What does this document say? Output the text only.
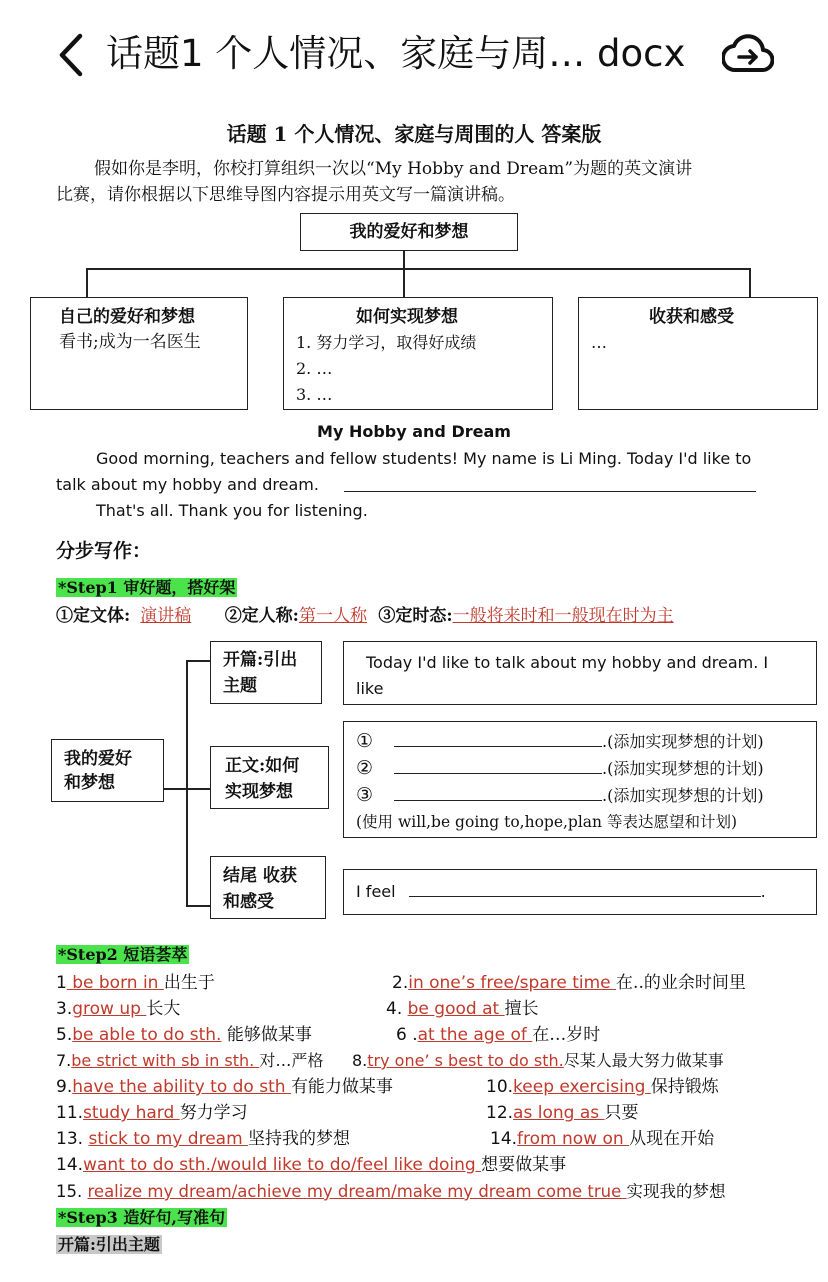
话题1 个人情况、家庭与周… docx
话题 1 个人情况、家庭与周围的人 答案版
假如你是李明，你校打算组织一次以“My Hobby and Dream”为题的英文演讲
比赛，请你根据以下思维导图内容提示用英文写一篇演讲稿。
我的爱好和梦想
自己的爱好和梦想
看书;成为一名医生
如何实现梦想
1. 努力学习，取得好成绩
2. …
3. …
收获和感受
…
My Hobby and Dream
Good morning, teachers and fellow students! My name is Li Ming. Today I'd like to
talk about my hobby and dream.
That's all. Thank you for listening.
分步写作：
*Step1 审好题，搭好架
①定文体: 演讲稿 ②定人称:第一人称 ③定时态:一般将来时和一般现在时为主
我的爱好
和梦想
开篇:引出
主题
正文:如何
实现梦想
结尾 收获
和感受
Today I'd like to talk about my hobby and dream. I
like
①	.(添加实现梦想的计划)
②	.(添加实现梦想的计划)
③	.(添加实现梦想的计划)
(使用 will,be going to,hope,plan 等表达愿望和计划)
I feel	.
*Step2 短语荟萃
1 be born in 出生于	2.in one’s free/spare time 在..的业余时间里
3.grow up 长大	4. be good at 擅长
5.be able to do sth. 能够做某事	6 .at the age of 在…岁时
7.be strict with sb in sth. 对…严格 8.try one’ s best to do sth.尽某人最大努力做某事
9.have the ability to do sth 有能力做某事	10.keep exercising 保持锻炼
11.study hard 努力学习	12.as long as 只要
13. stick to my dream 坚持我的梦想	14.from now on 从现在开始
14.want to do sth./would like to do/feel like doing 想要做某事
15. realize my dream/achieve my dream/make my dream come true 实现我的梦想
*Step3 造好句,写准句
开篇:引出主题
